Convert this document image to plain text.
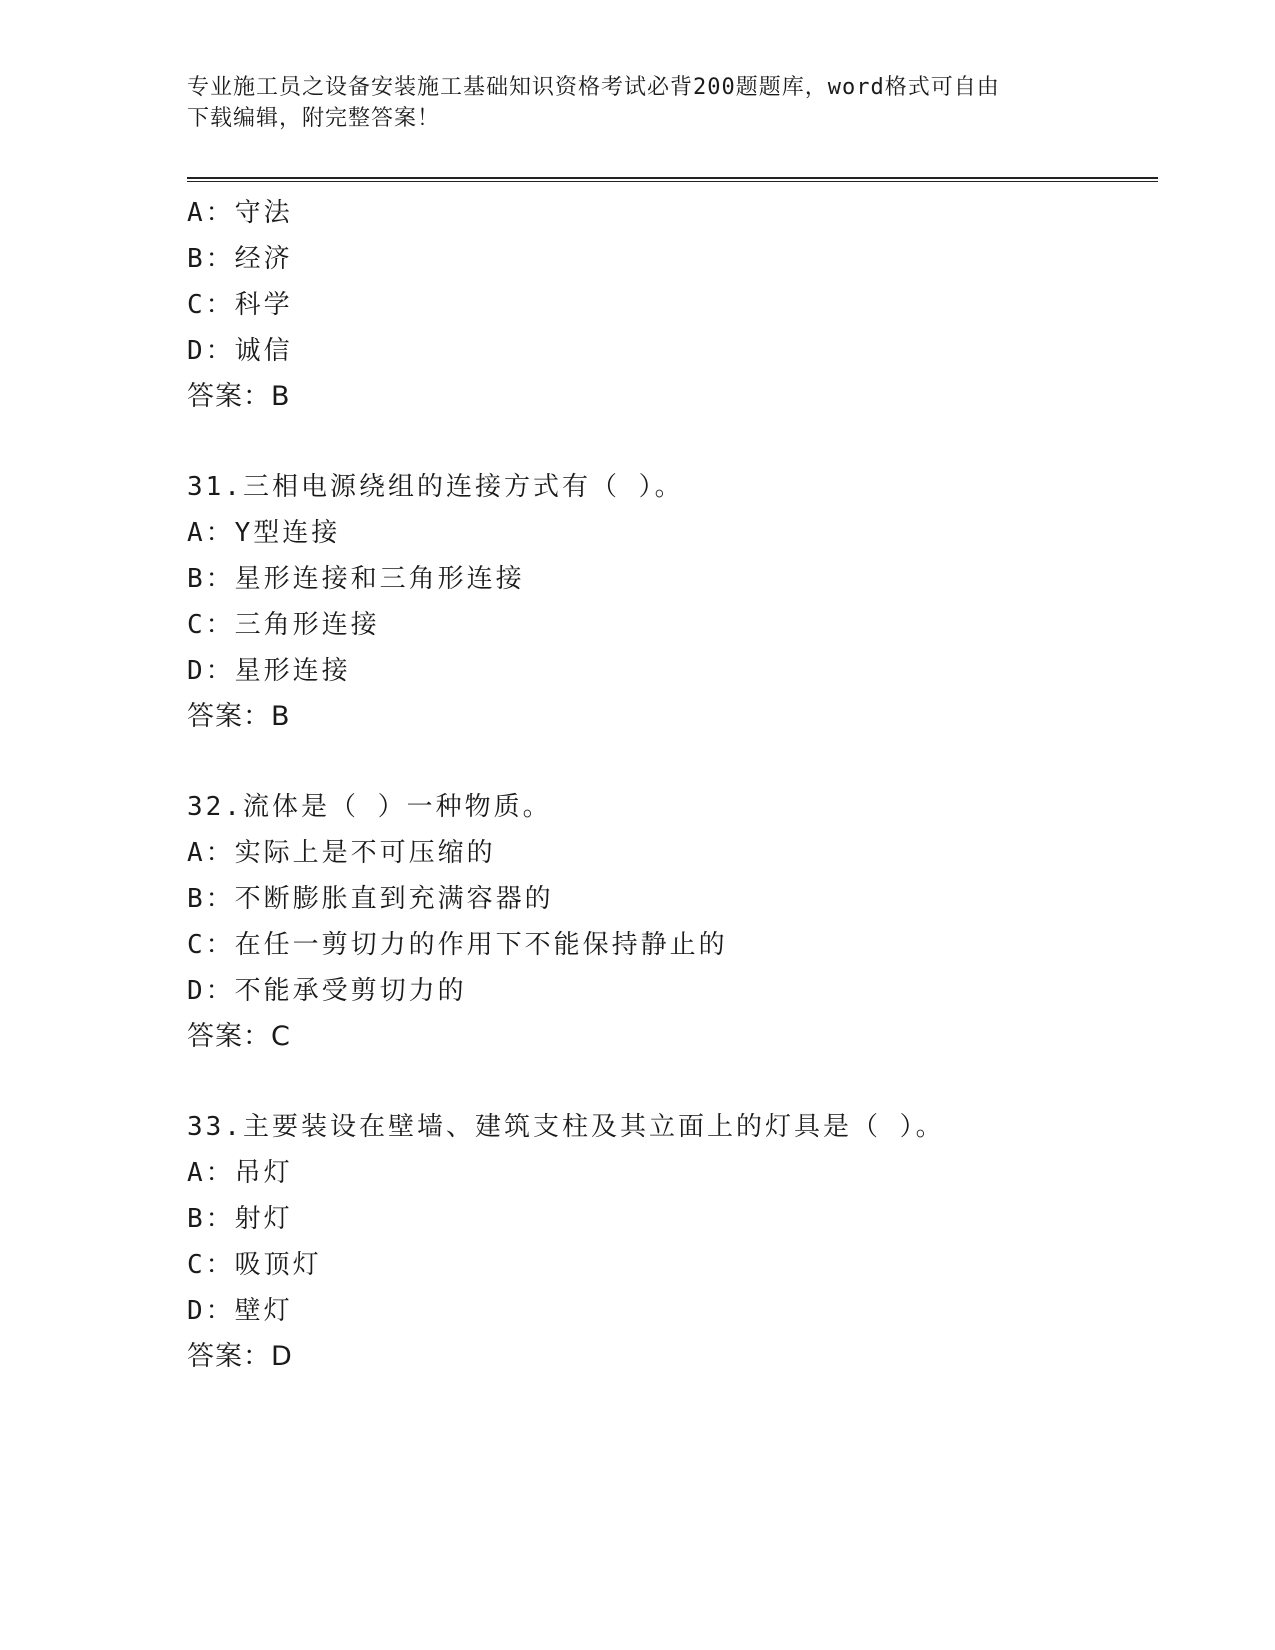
专业施工员之设备安装施工基础知识资格考试必背200题题库，word格式可自由
下载编辑，附完整答案！
A：守法
B：经济
C：科学
D：诚信
答案：B
31.三相电源绕组的连接方式有（ ）。
A：Y型连接
B：星形连接和三角形连接
C：三角形连接
D：星形连接
答案：B
32.流体是（ ）一种物质。
A：实际上是不可压缩的
B：不断膨胀直到充满容器的
C：在任一剪切力的作用下不能保持静止的
D：不能承受剪切力的
答案：C
33.主要装设在壁墙、建筑支柱及其立面上的灯具是（ ）。
A：吊灯
B：射灯
C：吸顶灯
D：壁灯
答案：D
